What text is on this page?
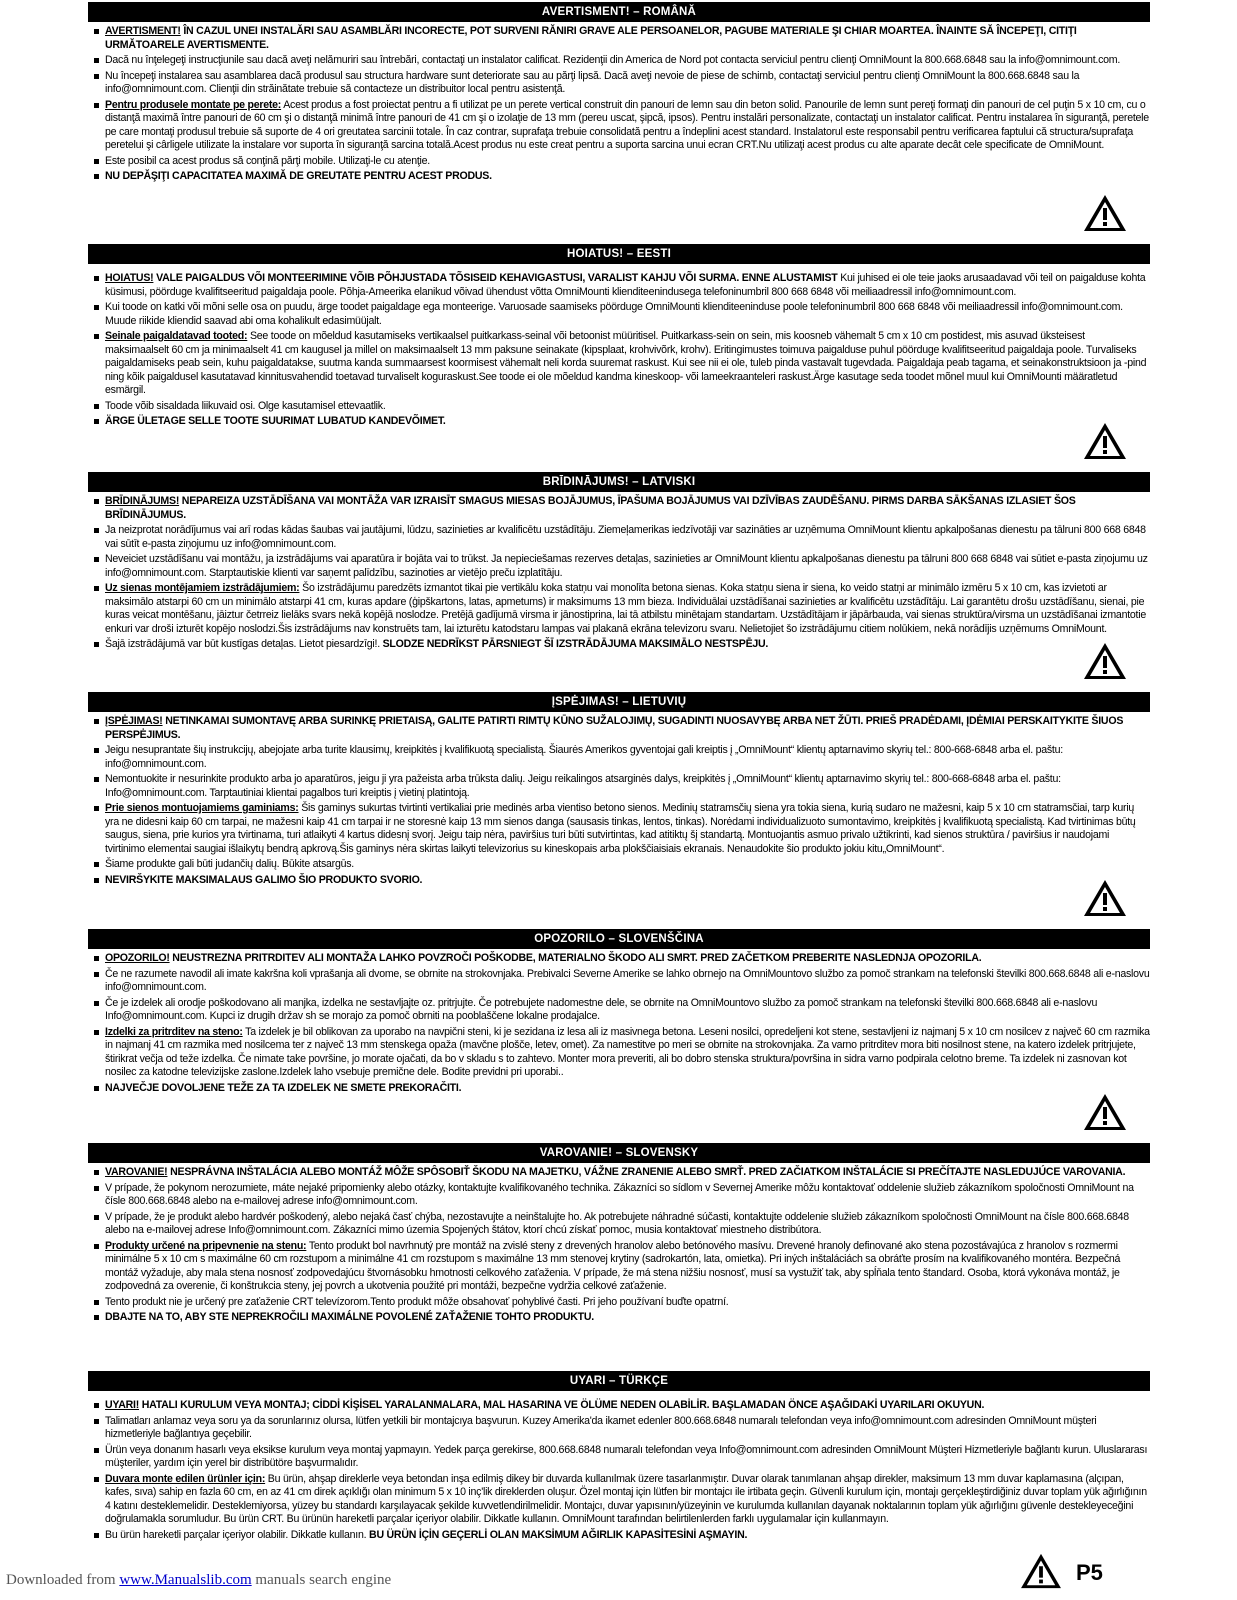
AVERTISMENT! – ROMÂNĂ
AVERTISMENT! ÎN CAZUL UNEI INSTALĂRI SAU ASAMBLĂRI INCORECTE, POT SURVENI RĂNIRI GRAVE ALE PERSOANELOR, PAGUBE MATERIALE ŞI CHIAR MOARTEA. ÎNAINTE SĂ ÎNCEPEŢI, CITIŢI URMĂTOARELE AVERTISMENTE.
Dacă nu înţelegeţi instrucţiunile sau dacă aveţi nelămuriri sau întrebări, contactaţi un instalator calificat. Rezidenţii din America de Nord pot contacta serviciul pentru clienţi OmniMount la 800.668.6848 sau la info@omnimount.com.
Nu începeţi instalarea sau asamblarea dacă produsul sau structura hardware sunt deteriorate sau au părţi lipsă. Dacă aveţi nevoie de piese de schimb, contactaţi serviciul pentru clienţi OmniMount la 800.668.6848 sau la info@omnimount.com. Clienţii din străinătate trebuie să contacteze un distribuitor local pentru asistenţă.
Pentru produsele montate pe perete: Acest produs a fost proiectat pentru a fi utilizat pe un perete vertical construit din panouri de lemn sau din beton solid. Panourile de lemn sunt pereţi formaţi din panouri de cel puţin 5 x 10 cm, cu o distanţă maximă între panouri de 60 cm şi o distanţă minimă între panouri de 41 cm şi o izolaţie de 13 mm (pereu uscat, şipcă, ipsos). Pentru instalări personalizate, contactaţi un instalator calificat. Pentru instalarea în siguranţă, peretele pe care montaţi produsul trebuie să suporte de 4 ori greutatea sarcinii totale. În caz contrar, suprafaţa trebuie consolidată pentru a îndeplini acest standard. Instalatorul este responsabil pentru verificarea faptului că structura/suprafaţa peretelui şi cârligele utilizate la instalare vor suporta în siguranţă sarcina totală.Acest produs nu este creat pentru a suporta sarcina unui ecran CRT.Nu utilizaţi acest produs cu alte aparate decât cele specificate de OmniMount.
Este posibil ca acest produs să conţină părţi mobile. Utilizaţi-le cu atenţie.
NU DEPĂŞIŢI CAPACITATEA MAXIMĂ DE GREUTATE PENTRU ACEST PRODUS.
HOIATUS! – EESTI
HOIATUS! VALE PAIGALDUS VÕI MONTEERIMINE VÕIB PÕHJUSTADA TÕSISEID KEHAVIGASTUSI, VARALIST KAHJU VÕI SURMA. ENNE ALUSTAMIST Kui juhised ei ole teie jaoks arusaadavad või teil on paigalduse kohta küsimusi, pöörduge kvalifitseeritud paigaldaja poole. Põhja-Ameerika elanikud võivad ühendust võtta OmniMounti klienditeenindusega telefoninumbril 800 668 6848 või meiliaadressil info@omnimount.com.
Kui toode on katki või mõni selle osa on puudu, ärge toodet paigaldage ega monteerige. Varuosade saamiseks pöörduge OmniMounti klienditeeninduse poole telefoninumbril 800 668 6848 või meiliaadressil info@omnimount.com. Muude riikide kliendid saavad abi oma kohalikult edasimüüjalt.
Seinale paigaldatavad tooted: See toode on mõeldud kasutamiseks vertikaalsel puitkarkass-seinal või betoonist müüritisel. Puitkarkass-sein on sein, mis koosneb vähemalt 5 cm x 10 cm postidest, mis asuvad üksteisest maksimaalselt 60 cm ja minimaalselt 41 cm kaugusel ja millel on maksimaalselt 13 mm paksune seinakate (kipsplaat, krohvivõrk, krohv). Eritingimustes toimuva paigalduse puhul pöörduge kvalifitseeritud paigaldaja poole. Turvaliseks paigaldamiseks peab sein, kuhu paigaldatakse, suutma kanda summaarsest koormisest vähemalt neli korda suuremat raskust. Kui see nii ei ole, tuleb pinda vastavalt tugevdada. Paigaldaja peab tagama, et seinakonstruktsioon ja -pind ning kõik paigaldusel kasutatavad kinnitusvahendid toetavad turvaliselt koguraskust.See toode ei ole mõeldud kandma kineskoop- või lameekraanteleri raskust.Ärge kasutage seda toodet mõnel muul kui OmniMounti määratletud esmärgil.
Toode võib sisaldada liikuvaid osi. Olge kasutamisel ettevaatlik.
ÄRGE ÜLETAGE SELLE TOOTE SUURIMAT LUBATUD KANDEVÕIMET.
BRĪDINĀJUMS! – LATVISKI
BRĪDINĀJUMS! NEPAREIZA UZSTĀDĪŠANA VAI MONTĀŽA VAR IZRAISĪT SMAGUS MIESAS BOJĀJUMUS, ĪPAŠUMA BOJĀJUMUS VAI DZĪVĪBAS ZAUDĒŠANU. PIRMS DARBA SĀKŠANAS IZLASIET ŠOS BRĪDINĀJUMUS.
Ja neizprotat norādījumus vai arī rodas kādas šaubas vai jautājumi, lūdzu, sazinieties ar kvalificētu uzstādītāju. Ziemeļamerikas iedzīvotāji var sazināties ar uzņēmuma OmniMount klientu apkalpošanas dienestu pa tālruni 800 668 6848 vai sūtīt e-pasta ziņojumu uz info@omnimount.com.
Neveiciet uzstādīšanu vai montāžu, ja izstrādājums vai aparatūra ir bojāta vai to trūkst. Ja nepieciešamas rezerves detaļas, sazinieties ar OmniMount klientu apkalpošanas dienestu pa tālruni 800 668 6848 vai sūtiet e-pasta ziņojumu uz info@omnimount.com. Starptautiskie klienti var saņemt palīdzību, sazinoties ar vietējo preču izplatītāju.
Uz sienas montējamiem izstrādājumiem: Šo izstrādājumu paredzēts izmantot tikai pie vertikālu koka statņu vai monolīta betona sienas. Koka statņu siena ir siena, ko veido statņi ar minimālo izmēru 5 x 10 cm, kas izvietoti ar maksimālo atstarpi 60 cm un minimālo atstarpi 41 cm, kuras apdare (ģipškartons, latas, apmetums) ir maksimums 13 mm bieza. Individuālai uzstādīšanai sazinieties ar kvalificētu uzstādītāju. Lai garantētu drošu uzstādīšanu, sienai, pie kuras veicat montēšanu, jāiztur četrreiz lielāks svars nekā kopējā noslodze. Pretējā gadījumā virsma ir jānostiprina, lai tā atbilstu minētajam standartam. Uzstādītājam ir jāpārbauda, vai sienas struktūra/virsma un uzstādīšanai izmantotie enkuri var droši izturēt kopējo noslodzi.Šis izstrādājums nav konstruēts tam, lai izturētu katodstaru lampas vai plakanā ekrāna televizoru svaru. Nelietojiet šo izstrādājumu citiem nolūkiem, nekā norādījis uzņēmums OmniMount.
Šajā izstrādājumā var būt kustīgas detaļas. Lietot piesardzīgi!. SLODZE NEDRĪKST PĀRSNIEGT ŠĪ IZSTRĀDĀJUMA MAKSIMĀLO NESTSPĒJU.
ĮSPĖJIMAS! – LIETUVIŲ
ĮSPĖJIMAS! NETINKAMAI SUMONTAVĘ ARBA SURINKĘ PRIETAISĄ, GALITE PATIRTI RIMTŲ KŪNO SUŽALOJIMŲ, SUGADINTI NUOSAVYBĘ ARBA NET ŽŪTI. PRIEŠ PRADĖDAMI, ĮDĖMIAI PERSKAITYKITE ŠIUOS PERSPĖJIMUS.
Jeigu nesuprantate šių instrukcijų, abejojate arba turite klausimų, kreipkitės į kvalifikuotą specialistą. Šiaurės Amerikos gyventojai gali kreiptis į „OmniMount“ klientų aptarnavimo skyrių tel.: 800-668-6848 arba el. paštu: info@omnimount.com.
Nemontuokite ir nesurinkite produkto arba jo aparatūros, jeigu ji yra pažeista arba trūksta dalių. Jeigu reikalingos atsarginės dalys, kreipkitės į „OmniMount“ klientų aptarnavimo skyrių tel.: 800-668-6848 arba el. paštu: Info@omnimount.com. Tarptautiniai klientai pagalbos turi kreiptis į vietinį platintoją.
Prie sienos montuojamiems gaminiams: Šis gaminys sukurtas tvirtinti vertikaliai prie medinės arba vientiso betono sienos. Medinių statramsčių siena yra tokia siena, kurią sudaro ne mažesni, kaip 5 x 10 cm statramsčiai, tarp kurių yra ne didesni kaip 60 cm tarpai, ne mažesni kaip 41 cm tarpai ir ne storesnė kaip 13 mm sienos danga (sausasis tinkas, lentos, tinkas). Norėdami individualizuoto sumontavimo, kreipkitės į kvalifikuotą specialistą. Kad tvirtinimas būtų saugus, siena, prie kurios yra tvirtinama, turi atlaikyti 4 kartus didesnį svorį. Jeigu taip nėra, paviršius turi būti sutvirtintas, kad atitiktų šį standartą. Montuojantis asmuo privalo užtikrinti, kad sienos struktūra / paviršius ir naudojami tvirtinimo elementai saugiai išlaikytų bendrą apkrovą.Šis gaminys nėra skirtas laikyti televizorius su kineskopais arba plokščiaisiais ekranais. Nenaudokite šio produkto jokiu kitu„OmniMount“.
Šiame produkte gali būti judančių dalių. Būkite atsargūs.
NEVIRŠYKITE MAKSIMALAUS GALIMO ŠIO PRODUKTO SVORIO.
OPOZORILO – SLOVENŠČINA
OPOZORILO! NEUSTREZNA PRITRDITEV ALI MONTAŽA LAHKO POVZROČI POŠKODBE, MATERIALNO ŠKODO ALI SMRT. PRED ZAČETKOM PREBERITE NASLEDNJA OPOZORILA.
Če ne razumete navodil ali imate kakršna koli vprašanja ali dvome, se obrnite na strokovnjaka. Prebivalci Severne Amerike se lahko obrnejo na OmniMountovo službo za pomoč strankam na telefonski številki 800.668.6848 ali e-naslovu info@omnimount.com.
Če je izdelek ali orodje poškodovano ali manjka, izdelka ne sestavljajte oz. pritrjujte. Če potrebujete nadomestne dele, se obrnite na OmniMountovo službo za pomoč strankam na telefonski številki 800.668.6848 ali e-naslovu Info@omnimount.com. Kupci iz drugih držav sh se morajo za pomoč obrniti na pooblaščene lokalne prodajalce.
Izdelki za pritrditev na steno: Ta izdelek je bil oblikovan za uporabo na navpični steni, ki je sezidana iz lesa ali iz masivnega betona. Leseni nosilci, opredeljeni kot stene, sestavljeni iz najmanj 5 x 10 cm nosilcev z največ 60 cm razmika in najmanj 41 cm razmika med nosilcema ter z največ 13 mm stenskega opaža (mavčne plošče, letev, omet). Za namestitve po meri se obrnite na strokovnjaka. Za varno pritrditev mora biti nosilnost stene, na katero izdelek pritrjujete, štirikrat večja od teže izdelka. Če nimate take površine, jo morate ojačati, da bo v skladu s to zahtevo. Monter mora preveriti, ali bo dobro stenska struktura/površina in sidra varno podpirala celotno breme. Ta izdelek ni zasnovan kot nosilec za katodne televizijske zaslone.Izdelek laho vsebuje premične dele. Bodite previdni pri uporabi..
NAJVEČJE DOVOLJENE TEŽE ZA TA IZDELEK NE SMETE PREKORAČITI.
VAROVANIE! – SLOVENSKY
VAROVANIE! NESPRÁVNA INŠTALÁCIA ALEBO MONTÁŽ MÔŽE SPÔSOBIŤ ŠKODU NA MAJETKU, VÁŽNE ZRANENIE ALEBO SMRŤ. PRED ZAČIATKOM INŠTALÁCIE SI PREČÍTAJTE NASLEDUJÚCE VAROVANIA.
V prípade, že pokynom nerozumiete, máte nejaké pripomienky alebo otázky, kontaktujte kvalifikovaného technika. Zákazníci so sídlom v Severnej Amerike môžu kontaktovať oddelenie služieb zákazníkom spoločnosti OmniMount na čísle 800.668.6848 alebo na e-mailovej adrese info@omnimount.com.
V prípade, že je produkt alebo hardvér poškodený, alebo nejaká časť chýba, nezostavujte a neinštalujte ho. Ak potrebujete náhradné súčasti, kontaktujte oddelenie služieb zákazníkom spoločnosti OmniMount na čísle 800.668.6848 alebo na e-mailovej adrese Info@omnimount.com. Zákazníci mimo územia Spojených štátov, ktorí chcú získať pomoc, musia kontaktovať miestneho distribútora.
Produkty určené na pripevnenie na stenu: Tento produkt bol navrhnutý pre montáž na zvislé steny z drevených hranolov alebo betónového masívu. Drevené hranoly definované ako stena pozostávajúca z hranolov s rozmermi minimálne 5 x 10 cm s maximálne 60 cm rozstupom a minimálne 41 cm rozstupom s maximálne 13 mm stenovej krytiny (sadrokartón, lata, omietka). Pri iných inštaláciách sa obráťte prosím na kvalifikovaného montéra. Bezpečná montáž vyžaduje, aby mala stena nosnosť zodpovedajúcu štvornásobku hmotnosti celkového zaťaženia. V prípade, že má stena nižšiu nosnosť, musí sa vystužiť tak, aby spĺňala tento štandard. Osoba, ktorá vykonáva montáž, je zodpovedná za overenie, či konštrukcia steny, jej povrch a ukotvenia použité pri montáži, bezpečne vydržia celkové zaťaženie.
Tento produkt nie je určený pre zaťaženie CRT televízorom.Tento produkt môže obsahovať pohyblivé časti. Pri jeho používaní buďte opatrní.
DBAJTE NA TO, ABY STE NEPREKROČILI MAXIMÁLNE POVOLENÉ ZAŤAŽENIE TOHTO PRODUKTU.
UYARI – TÜRKÇE
UYARI! HATALI KURULUM VEYA MONTAJ; CİDDİ KİŞİSEL YARALANMALARA, MAL HASARINA VE ÖLÜME NEDEN OLABİLİR. BAŞLAMADAN ÖNCE AŞAĞIDAKİ UYARILARI OKUYUN.
Talimatları anlamaz veya soru ya da sorunlarınız olursa, lütfen yetkili bir montajcıya başvurun. Kuzey Amerika'da ikamet edenler 800.668.6848 numaralı telefondan veya info@omnimount.com adresinden OmniMount müşteri hizmetleriyle bağlantıya geçebilir.
Ürün veya donanım hasarlı veya eksikse kurulum veya montaj yapmayın. Yedek parça gerekirse, 800.668.6848 numaralı telefondan veya Info@omnimount.com adresinden OmniMount Müşteri Hizmetleriyle bağlantı kurun. Uluslararası müşteriler, yardım için yerel bir distribütöre başvurmalıdır.
Duvara monte edilen ürünler için: Bu ürün, ahşap direklerle veya betondan inşa edilmiş dikey bir duvarda kullanılmak üzere tasarlanmıştır. Duvar olarak tanımlanan ahşap direkler, maksimum 13 mm duvar kaplamasına (alçıpan, kafes, sıva) sahip en fazla 60 cm, en az 41 cm direk açıklığı olan minimum 5 x 10 inç'lik direklerden oluşur. Özel montaj için lütfen bir montajcı ile irtibata geçin. Güvenli kurulum için, montajı gerçekleştirdiğiniz duvar toplam yük ağırlığının 4 katını desteklemelidir. Desteklemiyorsa, yüzey bu standardı karşılayacak şekilde kuvvetlendirilmelidir. Montajcı, duvar yapısının/yüzeyinin ve kurulumda kullanılan dayanak noktalarının toplam yük ağırlığını güvenle destekleyeceğini doğrulamakla sorumludur. Bu ürün CRT. Bu ürünün hareketli parçalar içeriyor olabilir. Dikkatle kullanın. OmniMount tarafından belirtilenlerden farklı uygulamalar için kullanmayın.
Bu ürün hareketli parçalar içeriyor olabilir. Dikkatle kullanın. BU ÜRÜN İÇİN GEÇERLİ OLAN MAKSİMUM AĞIRLIK KAPASİTESİNİ AŞMAYIN.
Downloaded from www.Manualslib.com manuals search engine	P5
